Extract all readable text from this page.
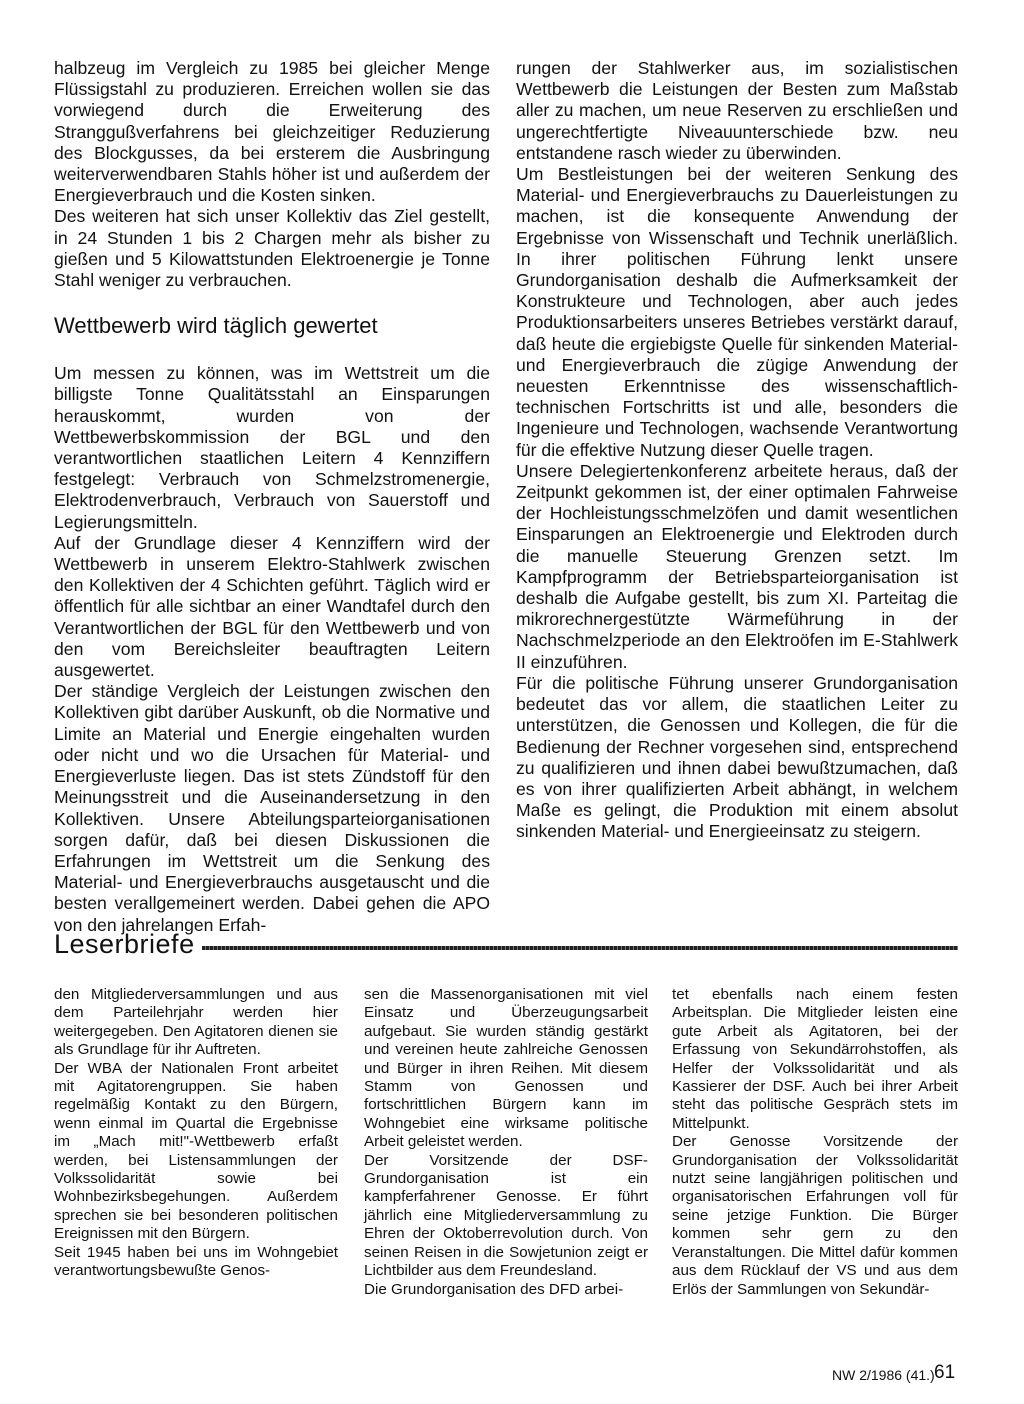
halbzeug im Vergleich zu 1985 bei gleicher Menge Flüssigstahl zu produzieren. Erreichen wollen sie das vorwiegend durch die Erweiterung des Stranggußverfahrens bei gleichzeitiger Reduzierung des Blockgusses, da bei ersterem die Ausbringung weiterverwendbaren Stahls höher ist und außerdem der Energieverbrauch und die Kosten sinken.

Des weiteren hat sich unser Kollektiv das Ziel gestellt, in 24 Stunden 1 bis 2 Chargen mehr als bisher zu gießen und 5 Kilowattstunden Elektroenergie je Tonne Stahl weniger zu verbrauchen.

Wettbewerb wird täglich gewertet

Um messen zu können, was im Wettstreit um die billigste Tonne Qualitätsstahl an Einsparungen herauskommt, wurden von der Wettbewerbskommission der BGL und den verantwortlichen staatlichen Leitern 4 Kennziffern festgelegt: Verbrauch von Schmelzstromenergie, Elektrodenverbrauch, Verbrauch von Sauerstoff und Legierungsmitteln.

Auf der Grundlage dieser 4 Kennziffern wird der Wettbewerb in unserem Elektro-Stahlwerk zwischen den Kollektiven der 4 Schichten geführt. Täglich wird er öffentlich für alle sichtbar an einer Wandtafel durch den Verantwortlichen der BGL für den Wettbewerb und von den vom Bereichsleiter beauftragten Leitern ausgewertet.

Der ständige Vergleich der Leistungen zwischen den Kollektiven gibt darüber Auskunft, ob die Normative und Limite an Material und Energie eingehalten wurden oder nicht und wo die Ursachen für Material- und Energieverluste liegen. Das ist stets Zündstoff für den Meinungsstreit und die Auseinandersetzung in den Kollektiven. Unsere Abteilungsparteiorganisationen sorgen dafür, daß bei diesen Diskussionen die Erfahrungen im Wettstreit um die Senkung des Material- und Energieverbrauchs ausgetauscht und die besten verallgemeinert werden. Dabei gehen die APO von den jahrelangen Erfah-

rungen der Stahlwerker aus, im sozialistischen Wettbewerb die Leistungen der Besten zum Maßstab aller zu machen, um neue Reserven zu erschließen und ungerechtfertigte Niveauunterschiede bzw. neu entstandene rasch wieder zu überwinden.

Um Bestleistungen bei der weiteren Senkung des Material- und Energieverbrauchs zu Dauerleistungen zu machen, ist die konsequente Anwendung der Ergebnisse von Wissenschaft und Technik unerläßlich. In ihrer politischen Führung lenkt unsere Grundorganisation deshalb die Aufmerksamkeit der Konstrukteure und Technologen, aber auch jedes Produktionsarbeiters unseres Betriebes verstärkt darauf, daß heute die ergiebigste Quelle für sinkenden Material- und Energieverbrauch die zügige Anwendung der neuesten Erkenntnisse des wissenschaftlich-technischen Fortschritts ist und alle, besonders die Ingenieure und Technologen, wachsende Verantwortung für die effektive Nutzung dieser Quelle tragen.

Unsere Delegiertenkonferenz arbeitete heraus, daß der Zeitpunkt gekommen ist, der einer optimalen Fahrweise der Hochleistungsschmelzöfen und damit wesentlichen Einsparungen an Elektroenergie und Elektroden durch die manuelle Steuerung Grenzen setzt. Im Kampfprogramm der Betriebsparteiorganisation ist deshalb die Aufgabe gestellt, bis zum XI. Parteitag die mikrorechnergestützte Wärmeführung in der Nachschmelzperiode an den Elektroöfen im E-Stahlwerk II einzuführen.

Für die politische Führung unserer Grundorganisation bedeutet das vor allem, die staatlichen Leiter zu unterstützen, die Genossen und Kollegen, die für die Bedienung der Rechner vorgesehen sind, entsprechend zu qualifizieren und ihnen dabei bewußtzumachen, daß es von ihrer qualifizierten Arbeit abhängt, in welchem Maße es gelingt, die Produktion mit einem absolut sinkenden Material- und Energieeinsatz zu steigern.

Leserbriefe

den Mitgliederversammlungen und aus dem Parteilehrjahr werden hier weitergegeben. Den Agitatoren dienen sie als Grundlage für ihr Auftreten.

Der WBA der Nationalen Front arbeitet mit Agitatorengruppen. Sie haben regelmäßig Kontakt zu den Bürgern, wenn einmal im Quartal die Ergebnisse im „Mach mit!"-Wettbewerb erfaßt werden, bei Listensammlungen der Volkssolidarität sowie bei Wohnbezirksbegehungen. Außerdem sprechen sie bei besonderen politischen Ereignissen mit den Bürgern.

Seit 1945 haben bei uns im Wohngebiet verantwortungsbewußte Genos-

sen die Massenorganisationen mit viel Einsatz und Überzeugungsarbeit aufgebaut. Sie wurden ständig gestärkt und vereinen heute zahlreiche Genossen und Bürger in ihren Reihen. Mit diesem Stamm von Genossen und fortschrittlichen Bürgern kann im Wohngebiet eine wirksame politische Arbeit geleistet werden.

Der Vorsitzende der DSF-Grundorganisation ist ein kampferfahrener Genosse. Er führt jährlich eine Mitgliederversammlung zu Ehren der Oktoberrevolution durch. Von seinen Reisen in die Sowjetunion zeigt er Lichtbilder aus dem Freundesland.

Die Grundorganisation des DFD arbei-

tet ebenfalls nach einem festen Arbeitsplan. Die Mitglieder leisten eine gute Arbeit als Agitatoren, bei der Erfassung von Sekundärrohstoffen, als Helfer der Volkssolidarität und als Kassierer der DSF. Auch bei ihrer Arbeit steht das politische Gespräch stets im Mittelpunkt.

Der Genosse Vorsitzende der Grundorganisation der Volkssolidarität nutzt seine langjährigen politischen und organisatorischen Erfahrungen voll für seine jetzige Funktion. Die Bürger kommen sehr gern zu den Veranstaltungen. Die Mittel dafür kommen aus dem Rücklauf der VS und aus dem Erlös der Sammlungen von Sekundär-

NW 2/1986 (41.) 61
